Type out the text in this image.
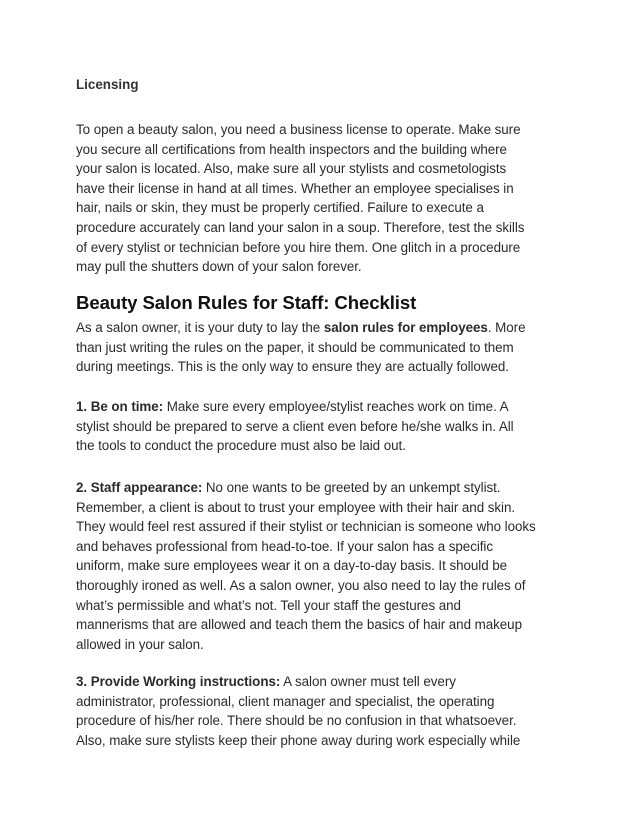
Licensing

To open a beauty salon, you need a business license to operate. Make sure
you secure all certifications from health inspectors and the building where
your salon is located. Also, make sure all your stylists and cosmetologists
have their license in hand at all times. Whether an employee specialises in
hair, nails or skin, they must be properly certified. Failure to execute a
procedure accurately can land your salon in a soup. Therefore, test the skills
of every stylist or technician before you hire them. One glitch in a procedure
may pull the shutters down of your salon forever.

Beauty Salon Rules for Staff: Checklist

As a salon owner, it is your duty to lay the salon rules for employees. More
than just writing the rules on the paper, it should be communicated to them
during meetings. This is the only way to ensure they are actually followed.

1. Be on time: Make sure every employee/stylist reaches work on time. A
stylist should be prepared to serve a client even before he/she walks in. All
the tools to conduct the procedure must also be laid out.

2. Staff appearance: No one wants to be greeted by an unkempt stylist.
Remember, a client is about to trust your employee with their hair and skin.
They would feel rest assured if their stylist or technician is someone who looks
and behaves professional from head-to-toe. If your salon has a specific
uniform, make sure employees wear it on a day-to-day basis. It should be
thoroughly ironed as well. As a salon owner, you also need to lay the rules of
what’s permissible and what’s not. Tell your staff the gestures and
mannerisms that are allowed and teach them the basics of hair and makeup
allowed in your salon.

3. Provide Working instructions: A salon owner must tell every
administrator, professional, client manager and specialist, the operating
procedure of his/her role. There should be no confusion in that whatsoever.
Also, make sure stylists keep their phone away during work especially while
